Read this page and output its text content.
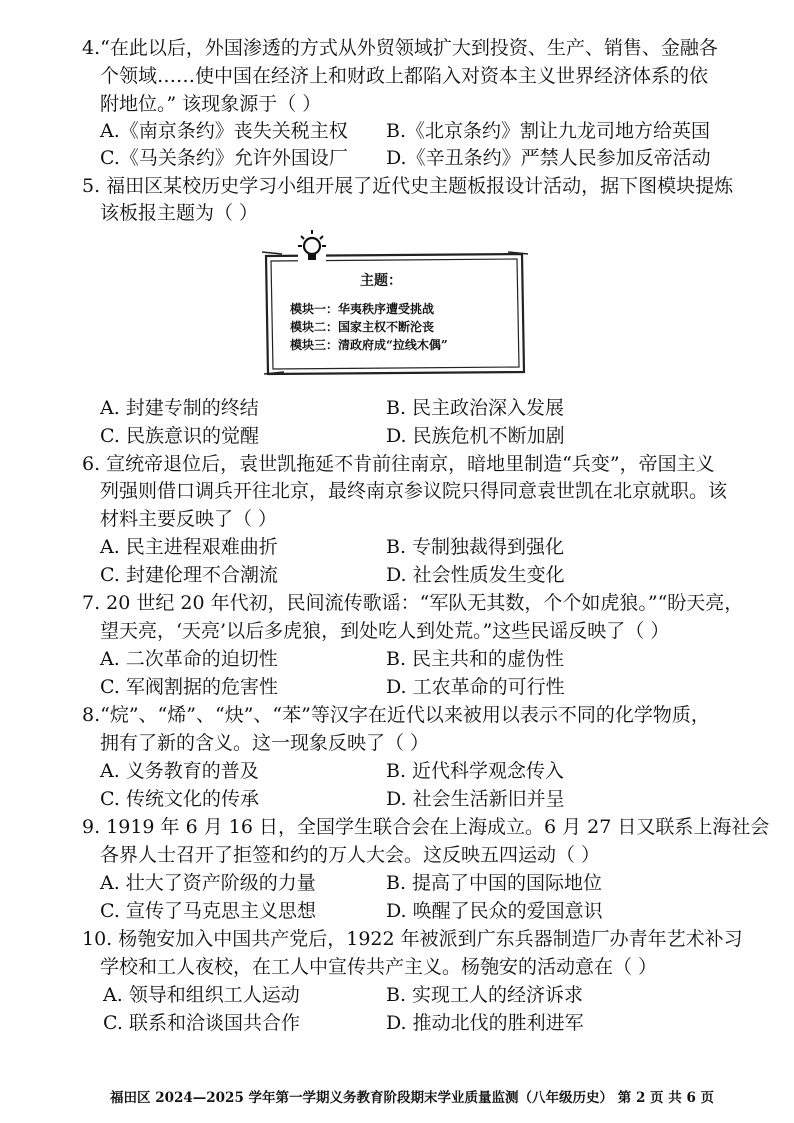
4.“在此以后，外国渗透的方式从外贸领域扩大到投资、生产、销售、金融各
个领域……使中国在经济上和财政上都陷入对资本主义世界经济体系的依
附地位。” 该现象源于（ ）
A.《南京条约》丧失关税主权 B.《北京条约》割让九龙司地方给英国
C.《马关条约》允许外国设厂 D.《辛丑条约》严禁人民参加反帝活动
5. 福田区某校历史学习小组开展了近代史主题板报设计活动，据下图模块提炼
该板报主题为（ ）
主题：
模块一：华夷秩序遭受挑战
模块二：国家主权不断沦丧
模块三：清政府成“拉线木偶”
A. 封建专制的终结	B. 民主政治深入发展
C. 民族意识的觉醒	D. 民族危机不断加剧
6. 宣统帝退位后，袁世凯拖延不肯前往南京，暗地里制造“兵变”，帝国主义
列强则借口调兵开往北京，最终南京参议院只得同意袁世凯在北京就职。该
材料主要反映了（ ）
A. 民主进程艰难曲折	B. 专制独裁得到强化
C. 封建伦理不合潮流	D. 社会性质发生变化
7. 20 世纪 20 年代初，民间流传歌谣：“军队无其数，个个如虎狼。”“盼天亮，
望天亮，‘天亮’以后多虎狼，到处吃人到处荒。”这些民谣反映了（ ）
A. 二次革命的迫切性	B. 民主共和的虚伪性
C. 军阀割据的危害性	D. 工农革命的可行性
8.“烷”、“烯”、“炔”、“苯”等汉字在近代以来被用以表示不同的化学物质，
拥有了新的含义。这一现象反映了（ ）
A. 义务教育的普及	B. 近代科学观念传入
C. 传统文化的传承	D. 社会生活新旧并呈
9. 1919 年 6 月 16 日，全国学生联合会在上海成立。6 月 27 日又联系上海社会
各界人士召开了拒签和约的万人大会。这反映五四运动（ ）
A. 壮大了资产阶级的力量	B. 提高了中国的国际地位
C. 宣传了马克思主义思想	D. 唤醒了民众的爱国意识
10. 杨匏安加入中国共产党后，1922 年被派到广东兵器制造厂办青年艺术补习
学校和工人夜校，在工人中宣传共产主义。杨匏安的活动意在（ ）
A. 领导和组织工人运动	B. 实现工人的经济诉求
C. 联系和洽谈国共合作	D. 推动北伐的胜利进军
福田区 2024—2025 学年第一学期义务教育阶段期末学业质量监测（八年级历史） 第 2 页 共 6 页
